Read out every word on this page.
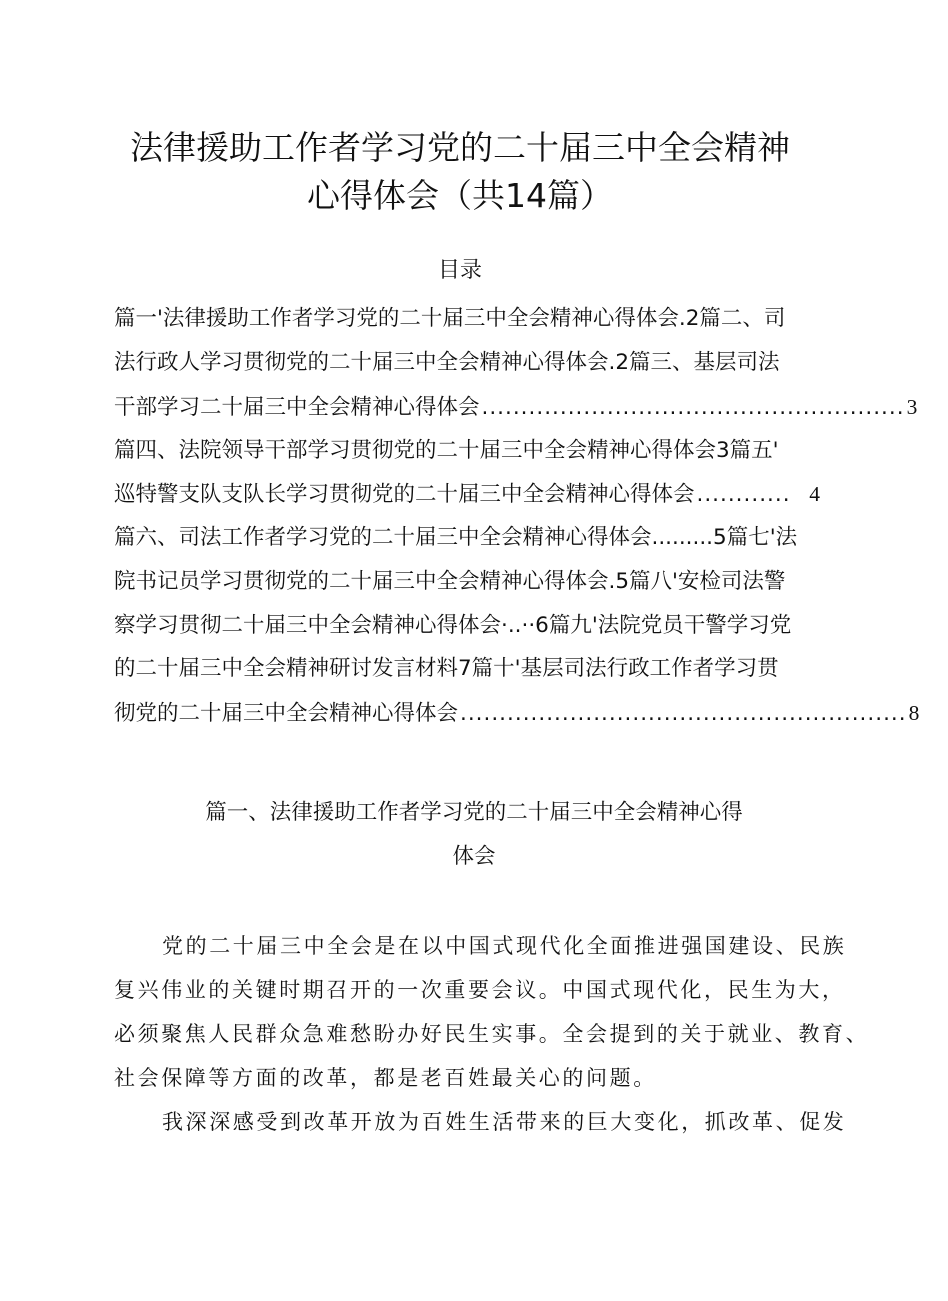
法律援助工作者学习党的二十届三中全会精神
心得体会（共14篇）
目录
篇一'法律援助工作者学习党的二十届三中全会精神心得体会.2篇二、司
法行政人学习贯彻党的二十届三中全会精神心得体会.2篇三、基层司法
干部学习二十届三中全会精神心得体会 ...................................................... 3
篇四、法院领导干部学习贯彻党的二十届三中全会精神心得体会3篇五'
巡特警支队支队长学习贯彻党的二十届三中全会精神心得体会 ............ 4
篇六、司法工作者学习党的二十届三中全会精神心得体会.........5篇七'法
院书记员学习贯彻党的二十届三中全会精神心得体会.5篇八'安检司法警
察学习贯彻二十届三中全会精神心得体会·..··6篇九'法院党员干警学习党
的二十届三中全会精神研讨发言材料7篇十'基层司法行政工作者学习贯
彻党的二十届三中全会精神心得体会 ......................................................... 8
篇一、法律援助工作者学习党的二十届三中全会精神心得
体会
党的二十届三中全会是在以中国式现代化全面推进强国建设、民族
复兴伟业的关键时期召开的一次重要会议。中国式现代化，民生为大，
必须聚焦人民群众急难愁盼办好民生实事。全会提到的关于就业、教育、
社会保障等方面的改革，都是老百姓最关心的问题。
我深深感受到改革开放为百姓生活带来的巨大变化，抓改革、促发
